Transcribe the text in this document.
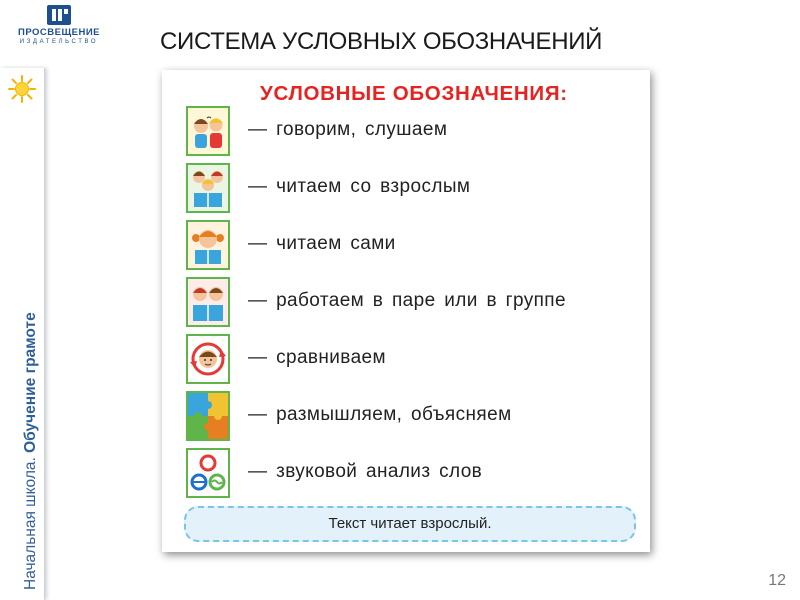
ПРОСВЕЩЕНИЕ
ИЗДАТЕЛЬСТВО
Начальная школа. Обучение грамоте
СИСТЕМА УСЛОВНЫХ ОБОЗНАЧЕНИЙ
УСЛОВНЫЕ ОБОЗНАЧЕНИЯ:
— говорим, слушаем
— читаем со взрослым
— читаем сами
— работаем в паре или в группе
— сравниваем
— размышляем, объясняем
— звуковой анализ слов
Текст читает взрослый.
12
